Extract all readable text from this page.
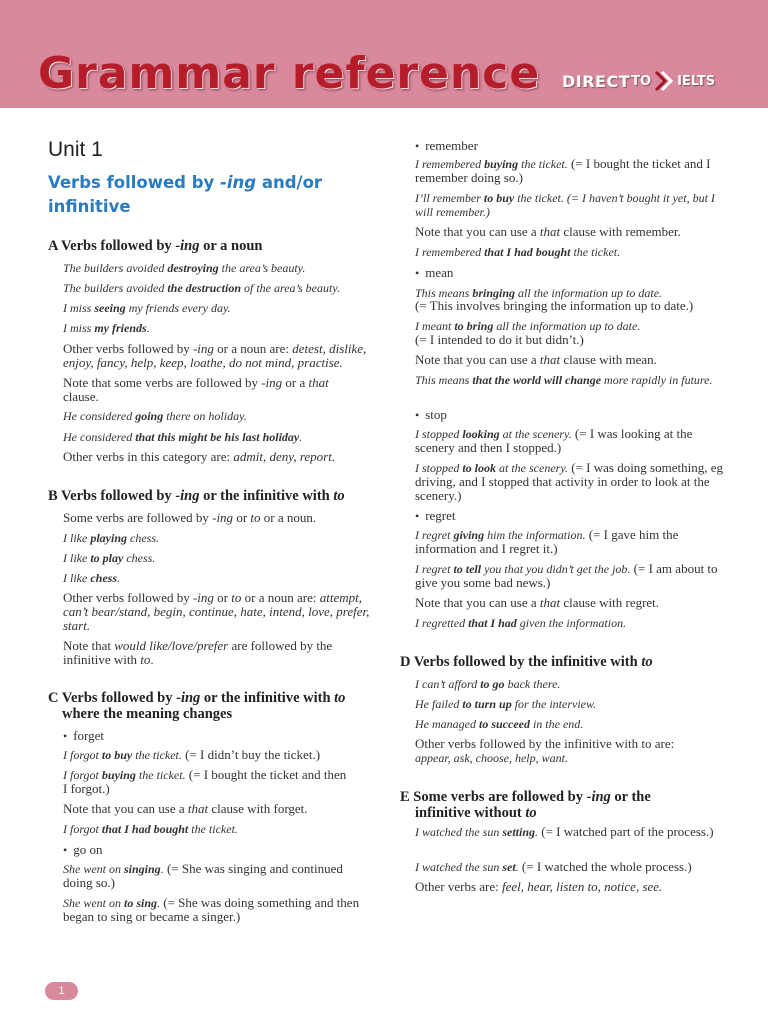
Grammar reference DIRECT TO IELTS
Unit 1
Verbs followed by -ing and/or
infinitive
A Verbs followed by -ing or a noun
The builders avoided destroying the area’s beauty.
The builders avoided the destruction of the area’s beauty.
I miss seeing my friends every day.
I miss my friends.
Other verbs followed by -ing or a noun are: detest, dislike, enjoy, fancy, help, keep, loathe, do not mind, practise.
Note that some verbs are followed by -ing or a that clause.
He considered going there on holiday.
He considered that this might be his last holiday.
Other verbs in this category are: admit, deny, report.
B Verbs followed by -ing or the infinitive with to
Some verbs are followed by -ing or to or a noun.
I like playing chess.
I like to play chess.
I like chess.
Other verbs followed by -ing or to or a noun are: attempt, can’t bear/stand, begin, continue, hate, intend, love, prefer, start.
Note that would like/love/prefer are followed by the infinitive with to.
C Verbs followed by -ing or the infinitive with to
where the meaning changes
• forget
I forgot to buy the ticket. (= I didn’t buy the ticket.)
I forgot buying the ticket. (= I bought the ticket and then I forgot.)
Note that you can use a that clause with forget.
I forgot that I had bought the ticket.
• go on
She went on singing. (= She was singing and continued doing so.)
She went on to sing. (= She was doing something and then began to sing or became a singer.)
• remember
I remembered buying the ticket. (= I bought the ticket and I remember doing so.)
I’ll remember to buy the ticket. (= I haven’t bought it yet, but I will remember.)
Note that you can use a that clause with remember.
I remembered that I had bought the ticket.
• mean
This means bringing all the information up to date.
(= This involves bringing the information up to date.)
I meant to bring all the information up to date.
(= I intended to do it but didn’t.)
Note that you can use a that clause with mean.
This means that the world will change more rapidly in future.
• stop
I stopped looking at the scenery. (= I was looking at the scenery and then I stopped.)
I stopped to look at the scenery. (= I was doing something, eg driving, and I stopped that activity in order to look at the scenery.)
• regret
I regret giving him the information. (= I gave him the information and I regret it.)
I regret to tell you that you didn’t get the job. (= I am about to give you some bad news.)
Note that you can use a that clause with regret.
I regretted that I had given the information.
D Verbs followed by the infinitive with to
I can’t afford to go back there.
He failed to turn up for the interview.
He managed to succeed in the end.
Other verbs followed by the infinitive with to are:
appear, ask, choose, help, want.
E Some verbs are followed by -ing or the
infinitive without to
I watched the sun setting. (= I watched part of the process.)
I watched the sun set. (= I watched the whole process.)
Other verbs are: feel, hear, listen to, notice, see.
1
